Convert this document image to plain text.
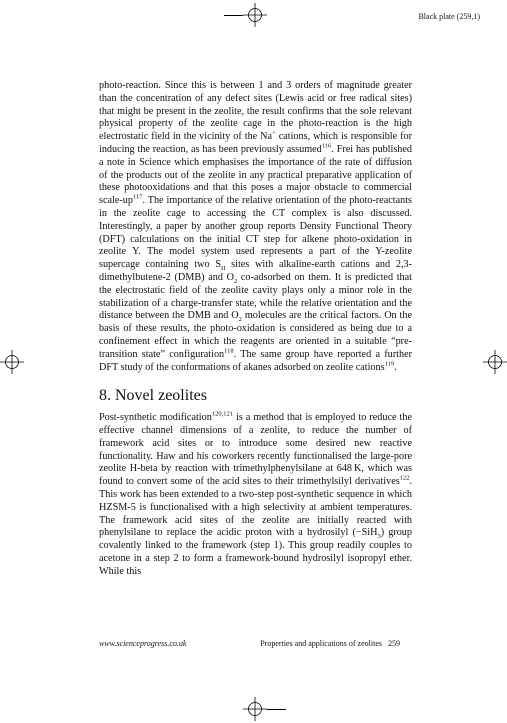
Black plate (259,1)

photo-reaction. Since this is between 1 and 3 orders of magnitude greater than the concentration of any defect sites (Lewis acid or free radical sites) that might be present in the zeolite, the result confirms that the sole relevant physical property of the zeolite cage in the photo-reaction is the high electrostatic field in the vicinity of the Na+ cations, which is responsible for inducing the reaction, as has been previously assumed$^{116}$. Frei has published a note in Science which emphasises the importance of the rate of diffusion of the products out of the zeolite in any practical preparative application of these photooxidations and that this poses a major obstacle to commercial scale-$up^{117}$. The importance of the relative orientation of the photo-reactants in the zeolite cage to accessing the CT complex is also discussed. Interestingly, a paper by another group reports Density Functional Theory (DFT) calculations on the initial CT step for alkene photo-oxidation in zeolite Y. The model system used represents a part of the Y-zeolite supercage containing two $S_{II}$ sites with alkaline-earth cations and 2,3-dimethylbutene-2 (DMB) and $O_2$ co-adsorbed on them. It is predicted that the electrostatic field of the zeolite cavity plays only a minor role in the stabilization of a charge-transfer state, while the relative orientation and the distance between the DMB and $O_2$ molecules are the critical factors. On the basis of these results, the photo-oxidation is considered as being due to a confinement effect in which the reagents are oriented in a suitable “pre-transition state” configuration$^{118}$. The same group have reported a further DFT study of the conformations of akanes adsorbed on zeolite cations$^{119}$.

8. Novel zeolites

Post-synthetic modification$^{120,121}$ is a method that is employed to reduce the effective channel dimensions of a zeolite, to reduce the number of framework acid sites or to introduce some desired new reactive functionality. Haw and his coworkers recently functionalised the large-pore zeolite H-beta by reaction with trimethylphenylsilane at 648 K, which was found to convert some of the acid sites to their trimethylsilyl derivatives$^{122}$. This work has been extended to a two-step post-synthetic sequence in which HZSM-5 is functionalised with a high selectivity at ambient temperatures. The framework acid sites of the zeolite are initially reacted with phenylsilane to replace the acidic proton with a hydrosilyl (−SiH$_3$) group covalently linked to the framework (step 1). This group readily couples to acetone in a step 2 to form a framework-bound hydrosilyl isopropyl ether. While this

www.scienceprogress.co.uk	Properties and applications of zeolites 259
